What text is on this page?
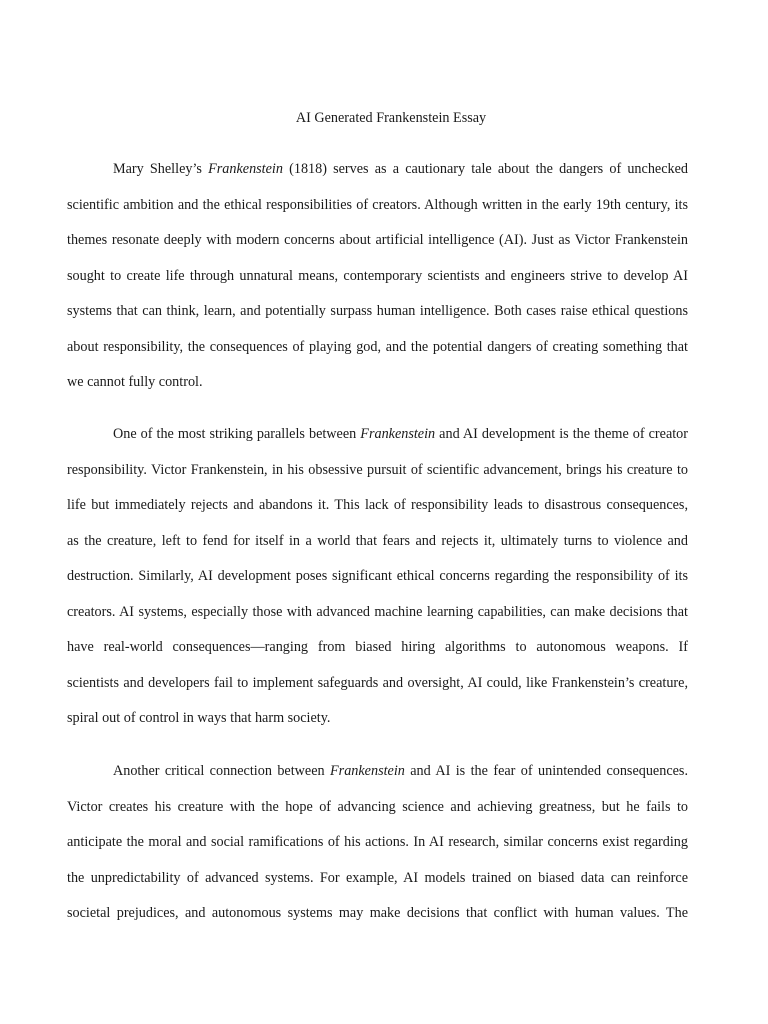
AI Generated Frankenstein Essay
Mary Shelley’s Frankenstein (1818) serves as a cautionary tale about the dangers of unchecked
scientific ambition and the ethical responsibilities of creators. Although written in the early 19th century, its
themes resonate deeply with modern concerns about artificial intelligence (AI). Just as Victor Frankenstein
sought to create life through unnatural means, contemporary scientists and engineers strive to develop AI
systems that can think, learn, and potentially surpass human intelligence. Both cases raise ethical questions
about responsibility, the consequences of playing god, and the potential dangers of creating something that
we cannot fully control.
One of the most striking parallels between Frankenstein and AI development is the theme of creator
responsibility. Victor Frankenstein, in his obsessive pursuit of scientific advancement, brings his creature to
life but immediately rejects and abandons it. This lack of responsibility leads to disastrous consequences,
as the creature, left to fend for itself in a world that fears and rejects it, ultimately turns to violence and
destruction. Similarly, AI development poses significant ethical concerns regarding the responsibility of its
creators. AI systems, especially those with advanced machine learning capabilities, can make decisions that
have real-world consequences—ranging from biased hiring algorithms to autonomous weapons. If
scientists and developers fail to implement safeguards and oversight, AI could, like Frankenstein’s creature,
spiral out of control in ways that harm society.
Another critical connection between Frankenstein and AI is the fear of unintended consequences.
Victor creates his creature with the hope of advancing science and achieving greatness, but he fails to
anticipate the moral and social ramifications of his actions. In AI research, similar concerns exist regarding
the unpredictability of advanced systems. For example, AI models trained on biased data can reinforce
societal prejudices, and autonomous systems may make decisions that conflict with human values. The
